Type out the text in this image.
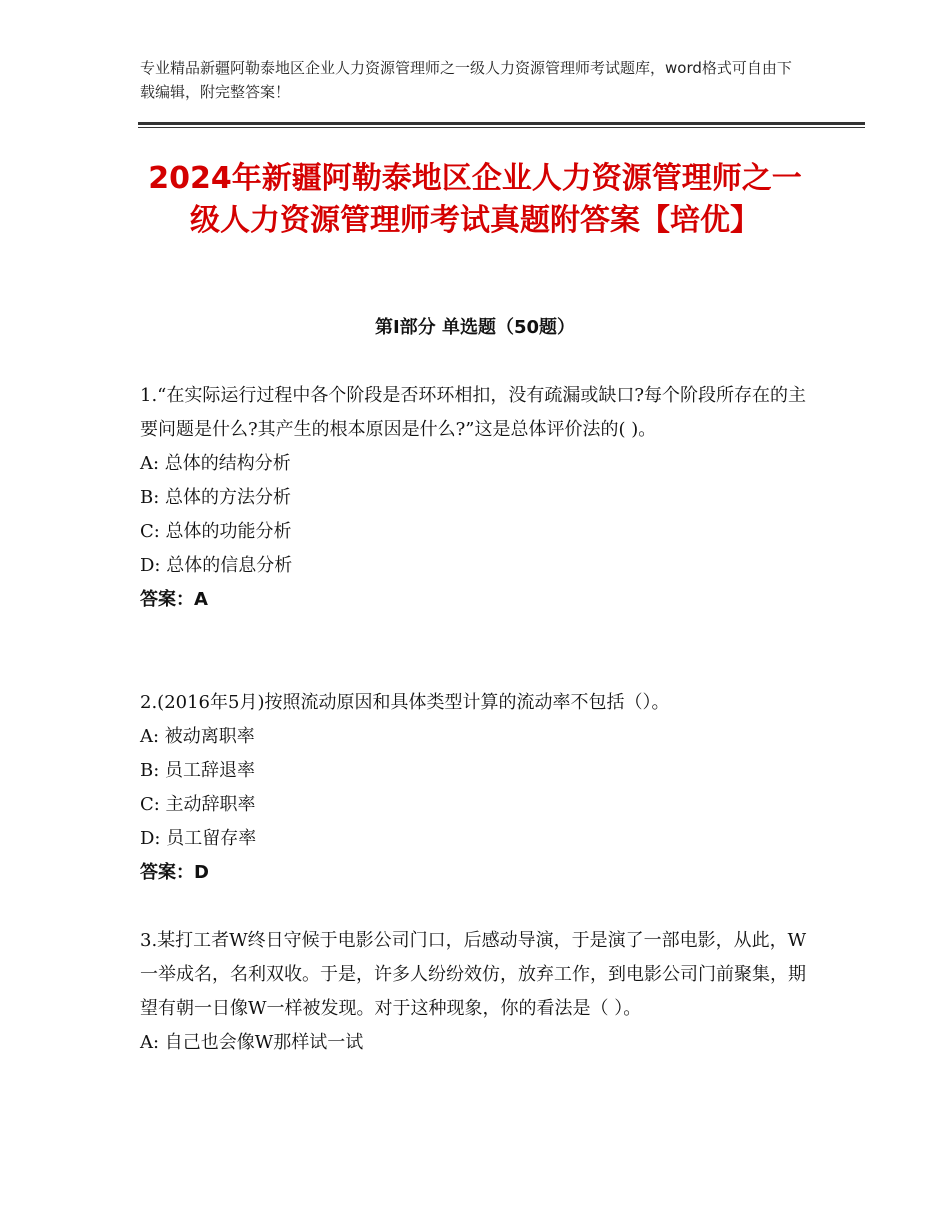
专业精品新疆阿勒泰地区企业人力资源管理师之一级人力资源管理师考试题库，word格式可自由下载编辑，附完整答案！
2024年新疆阿勒泰地区企业人力资源管理师之一级人力资源管理师考试真题附答案【培优】
第Ⅰ部分 单选题（50题）
1.“在实际运行过程中各个阶段是否环环相扣，没有疏漏或缺口?每个阶段所存在的主要问题是什么?其产生的根本原因是什么?”这是总体评价法的( )。
A: 总体的结构分析
B: 总体的方法分析
C: 总体的功能分析
D: 总体的信息分析
答案：A
2.(2016年5月)按照流动原因和具体类型计算的流动率不包括（）。
A: 被动离职率
B: 员工辞退率
C: 主动辞职率
D: 员工留存率
答案：D
3.某打工者W终日守候于电影公司门口，后感动导演，于是演了一部电影，从此，W一举成名，名利双收。于是，许多人纷纷效仿，放弃工作，到电影公司门前聚集，期望有朝一日像W一样被发现。对于这种现象，你的看法是（ ）。
A: 自己也会像W那样试一试
